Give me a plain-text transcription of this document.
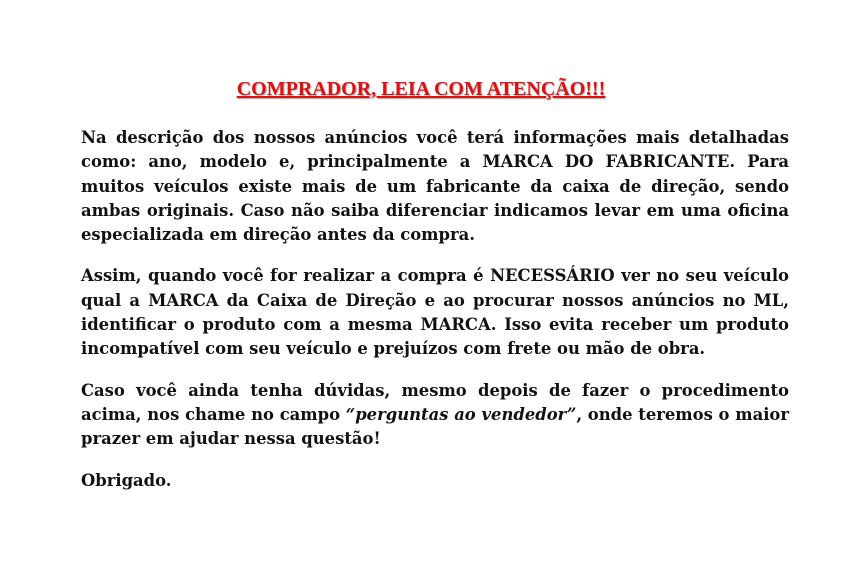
COMPRADOR, LEIA COM ATENÇÃO!!!

Na descrição dos nossos anúncios você terá informações mais detalhadas como: ano, modelo e, principalmente a MARCA DO FABRICANTE. Para muitos veículos existe mais de um fabricante da caixa de direção, sendo ambas originais. Caso não saiba diferenciar indicamos levar em uma oficina especializada em direção antes da compra.

Assim, quando você for realizar a compra é NECESSÁRIO ver no seu veículo qual a MARCA da Caixa de Direção e ao procurar nossos anúncios no ML, identificar o produto com a mesma MARCA. Isso evita receber um produto incompatível com seu veículo e prejuízos com frete ou mão de obra.

Caso você ainda tenha dúvidas, mesmo depois de fazer o procedimento acima, nos chame no campo “perguntas ao vendedor”, onde teremos o maior prazer em ajudar nessa questão!

Obrigado.
